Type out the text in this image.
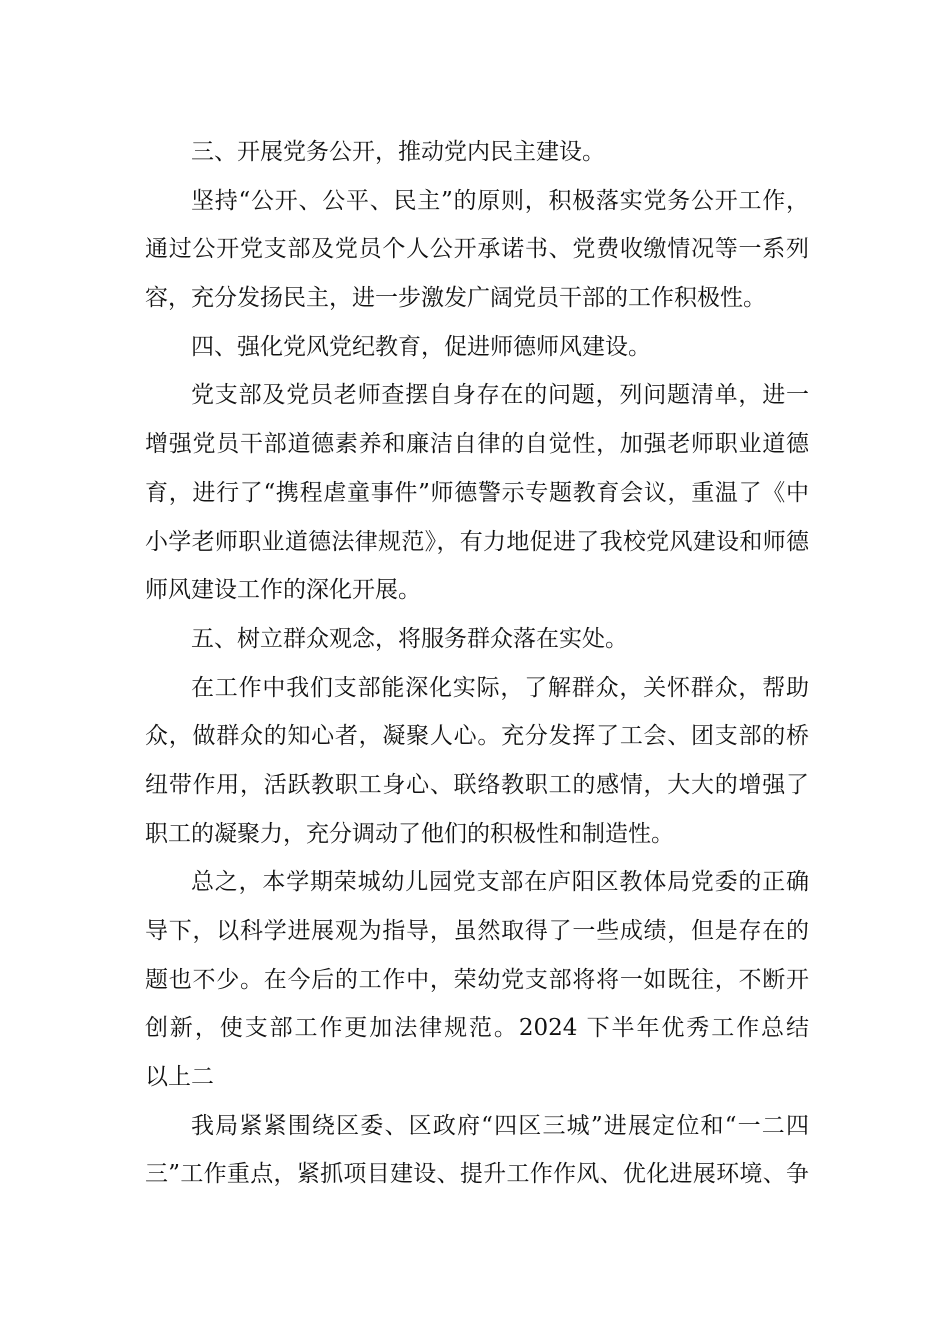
三、开展党务公开，推动党内民主建设。
坚持“公开、公平、民主”的原则，积极落实党务公开工作，
通过公开党支部及党员个人公开承诺书、党费收缴情况等一系列
容，充分发扬民主，进一步激发广阔党员干部的工作积极性。
四、强化党风党纪教育，促进师德师风建设。
党支部及党员老师查摆自身存在的问题，列问题清单，进一
增强党员干部道德素养和廉洁自律的自觉性，加强老师职业道德
育，进行了“携程虐童事件”师德警示专题教育会议，重温了《中
小学老师职业道德法律规范》，有力地促进了我校党风建设和师德
师风建设工作的深化开展。
五、树立群众观念，将服务群众落在实处。
在工作中我们支部能深化实际，了解群众，关怀群众，帮助
众，做群众的知心者，凝聚人心。充分发挥了工会、团支部的桥
纽带作用，活跃教职工身心、联络教职工的感情，大大的增强了
职工的凝聚力，充分调动了他们的积极性和制造性。
总之，本学期荣城幼儿园党支部在庐阳区教体局党委的正确
导下，以科学进展观为指导，虽然取得了一些成绩，但是存在的
题也不少。在今后的工作中，荣幼党支部将将一如既往，不断开
创新，使支部工作更加法律规范。2024 下半年优秀工作总结
以上二
我局紧紧围绕区委、区政府“四区三城”进展定位和“一二四
三”工作重点，紧抓项目建设、提升工作作风、优化进展环境、争
